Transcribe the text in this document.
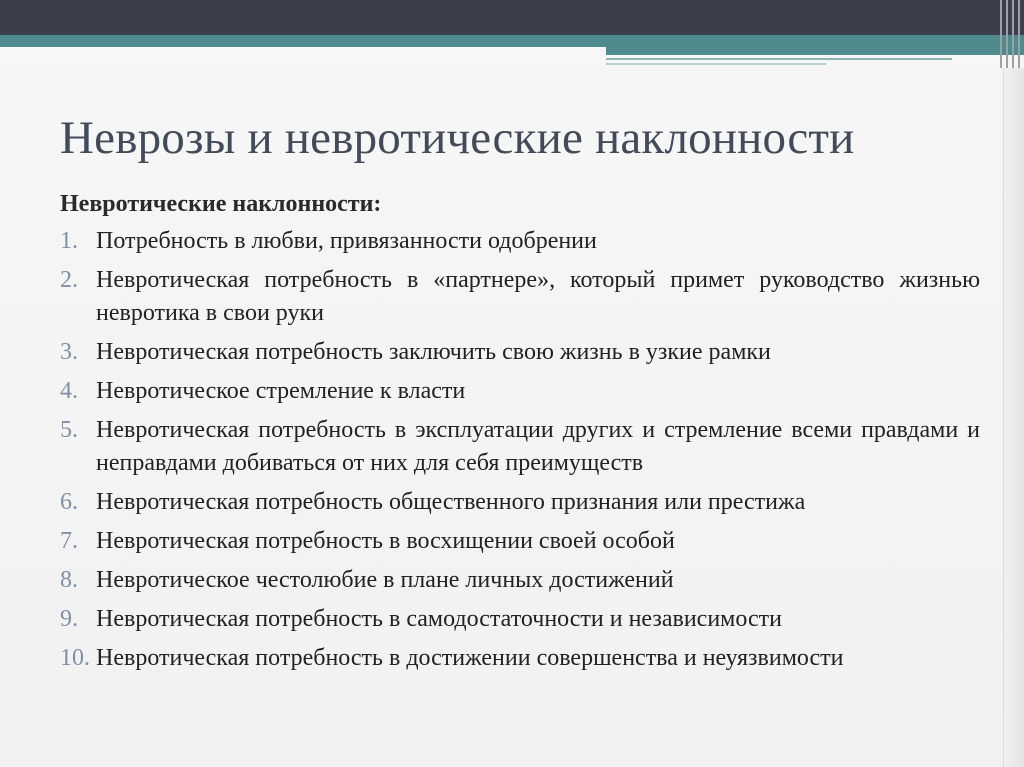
Неврозы и невротические наклонности

Невротические наклонности:

1. Потребность в любви, привязанности одобрении
2. Невротическая потребность в «партнере», который примет руководство жизнью невротика в свои руки
3. Невротическая потребность заключить свою жизнь в узкие рамки
4. Невротическое стремление к власти
5. Невротическая потребность в эксплуатации других и стремление всеми правдами и неправдами добиваться от них для себя преимуществ
6. Невротическая потребность общественного признания или престижа
7. Невротическая потребность в восхищении своей особой
8. Невротическое честолюбие в плане личных достижений
9. Невротическая потребность в самодостаточности и независимости
10. Невротическая потребность в достижении совершенства и неуязвимости
